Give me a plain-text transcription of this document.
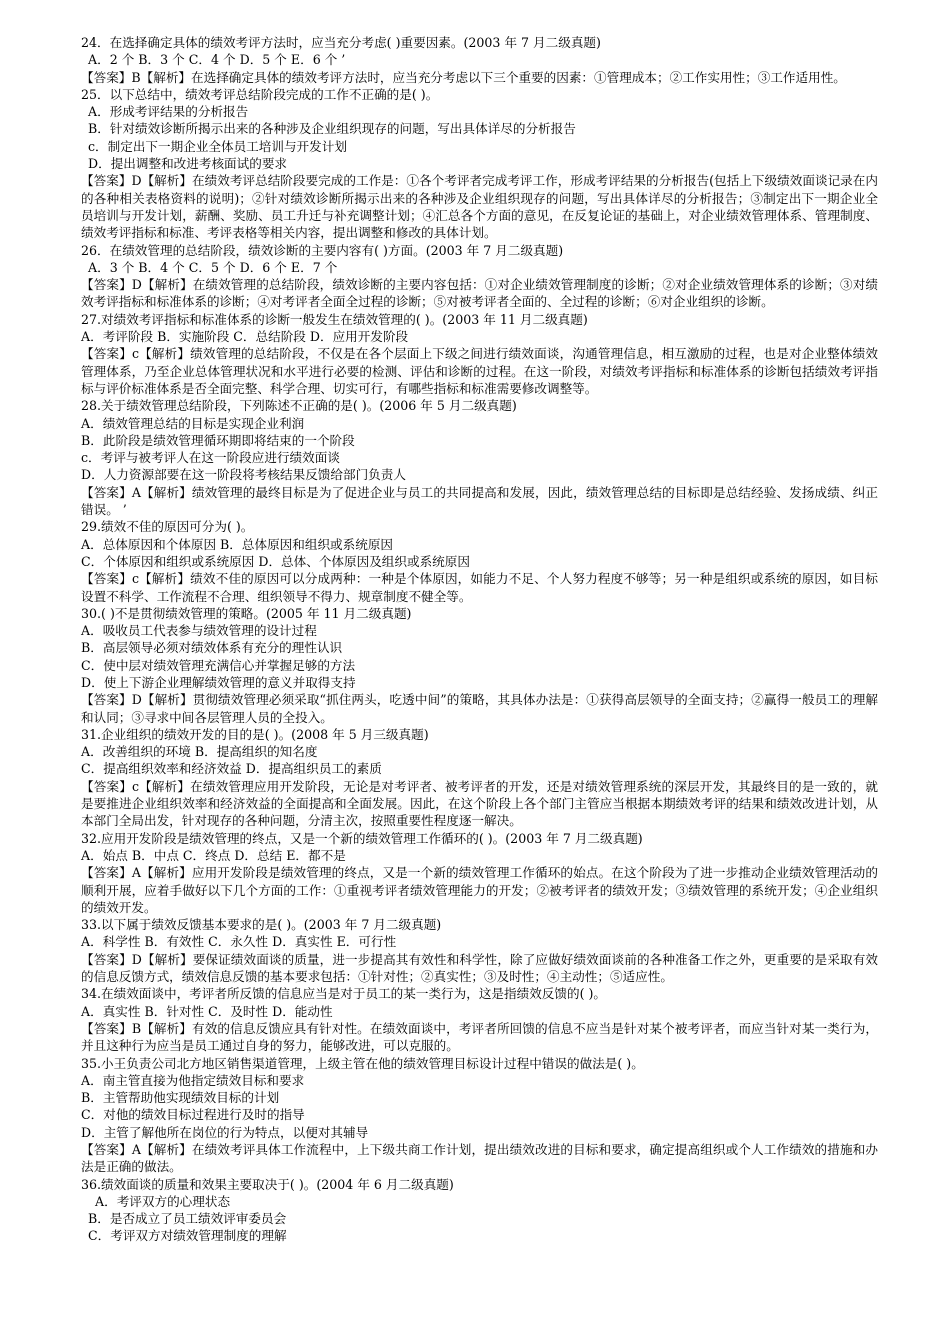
24．在选择确定具体的绩效考评方法时，应当充分考虑( )重要因素。(2003 年 7 月二级真题)
A．2 个 B．3 个 C．4 个 D．5 个 E．6 个 ’
【答案】B【解析】在选择确定具体的绩效考评方法时，应当充分考虑以下三个重要的因素：①管理成本；②工作实用性；③工作适用性。
25．以下总结中，绩效考评总结阶段完成的工作不正确的是( )。
A．形成考评结果的分析报告
B．针对绩效诊断所揭示出来的各种涉及企业组织现存的问题，写出具体详尽的分析报告
c．制定出下一期企业全体员工培训与开发计划
D．提出调整和改进考核面试的要求
【答案】D【解析】在绩效考评总结阶段要完成的工作是：①各个考评者完成考评工作，形成考评结果的分析报告(包括上下级绩效面谈记录在内的各种相关表格资料的说明)；②针对绩效诊断所揭示出来的各种涉及企业组织现存的问题，写出具体详尽的分析报告；③制定出下一期企业全员培训与开发计划，薪酬、奖励、员工升迁与补充调整计划；④汇总各个方面的意见，在反复论证的基础上，对企业绩效管理体系、管理制度、绩效考评指标和标准、考评表格等相关内容，提出调整和修改的具体计划。
26．在绩效管理的总结阶段，绩效诊断的主要内容有( )方面。(2003 年 7 月二级真题)
A．3 个 B．4 个 C．5 个 D．6 个 E．7 个
【答案】D【解析】在绩效管理的总结阶段，绩效诊断的主要内容包括：①对企业绩效管理制度的诊断；②对企业绩效管理体系的诊断；③对绩效考评指标和标准体系的诊断；④对考评者全面全过程的诊断；⑤对被考评者全面的、全过程的诊断；⑥对企业组织的诊断。
27.对绩效考评指标和标准体系的诊断一般发生在绩效管理的( )。(2003 年 11 月二级真题)
A．考评阶段 B．实施阶段 C．总结阶段 D．应用开发阶段
【答案】c【解析】绩效管理的总结阶段，不仅是在各个层面上下级之间进行绩效面谈，沟通管理信息，相互激励的过程，也是对企业整体绩效管理体系，乃至企业总体管理状况和水平进行必要的检测、评估和诊断的过程。在这一阶段，对绩效考评指标和标准体系的诊断包括绩效考评指标与评价标准体系是否全面完整、科学合理、切实可行，有哪些指标和标准需要修改调整等。
28.关于绩效管理总结阶段，下列陈述不正确的是( )。(2006 年 5 月二级真题)
A．绩效管理总结的目标是实现企业利润
B．此阶段是绩效管理循环期即将结束的一个阶段
c．考评与被考评人在这一阶段应进行绩效面谈
D．人力资源部要在这一阶段将考核结果反馈给部门负责人
【答案】A【解析】绩效管理的最终目标是为了促进企业与员工的共同提高和发展，因此，绩效管理总结的目标即是总结经验、发扬成绩、纠正错误。 ’
29.绩效不佳的原因可分为( )。
A．总体原因和个体原因 B．总体原因和组织或系统原因
C．个体原因和组织或系统原因 D．总体、个体原因及组织或系统原因
【答案】c【解析】绩效不佳的原因可以分成两种：一种是个体原因，如能力不足、个人努力程度不够等；另一种是组织或系统的原因，如目标设置不科学、工作流程不合理、组织领导不得力、规章制度不健全等。
30.( )不是贯彻绩效管理的策略。(2005 年 11 月二级真题)
A．吸收员工代表参与绩效管理的设计过程
B．高层领导必须对绩效体系有充分的理性认识
C．使中层对绩效管理充满信心并掌握足够的方法
D．使上下游企业理解绩效管理的意义并取得支持
【答案】D【解析】贯彻绩效管理必须采取“抓住两头，吃透中间”的策略，其具体办法是：①获得高层领导的全面支持；②赢得一般员工的理解和认同；③寻求中间各层管理人员的全投入。
31.企业组织的绩效开发的目的是( )。(2008 年 5 月三级真题)
A．改善组织的环境 B．提高组织的知名度
C．提高组织效率和经济效益 D．提高组织员工的素质
【答案】c【解析】在绩效管理应用开发阶段，无论是对考评者、被考评者的开发，还是对绩效管理系统的深层开发，其最终目的是一致的，就是要推进企业组织效率和经济效益的全面提高和全面发展。因此，在这个阶段上各个部门主管应当根据本期绩效考评的结果和绩效改进计划，从本部门全局出发，针对现存的各种问题，分清主次，按照重要性程度逐一解决。
32.应用开发阶段是绩效管理的终点，又是一个新的绩效管理工作循环的( )。(2003 年 7 月二级真题)
A．始点 B．中点 C．终点 D．总结 E．都不是
【答案】A【解析】应用开发阶段是绩效管理的终点，又是一个新的绩效管理工作循环的始点。在这个阶段为了进一步推动企业绩效管理活动的顺利开展，应着手做好以下几个方面的工作：①重视考评者绩效管理能力的开发；②被考评者的绩效开发；③绩效管理的系统开发；④企业组织的绩效开发。
33.以下属于绩效反馈基本要求的是( )。(2003 年 7 月二级真题)
A．科学性 B．有效性 C．永久性 D．真实性 E．可行性
【答案】D【解析】要保证绩效面谈的质量，进一步提高其有效性和科学性，除了应做好绩效面谈前的各种准备工作之外，更重要的是采取有效的信息反馈方式，绩效信息反馈的基本要求包括：①针对性；②真实性；③及时性；④主动性；⑤适应性。
34.在绩效面谈中，考评者所反馈的信息应当是对于员工的某一类行为，这是指绩效反馈的( )。
A．真实性 B．针对性 C．及时性 D．能动性
【答案】B【解析】有效的信息反馈应具有针对性。在绩效面谈中，考评者所回馈的信息不应当是针对某个被考评者，而应当针对某一类行为，并且这种行为应当是员工通过自身的努力，能够改进，可以克服的。
35.小王负责公司北方地区销售渠道管理，上级主管在他的绩效管理目标设计过程中错误的做法是( )。
A．南主管直接为他指定绩效目标和要求
B．主管帮助他实现绩效目标的计划
C．对他的绩效目标过程进行及时的指导
D．主管了解他所在岗位的行为特点，以便对其辅导
【答案】A【解析】在绩效考评具体工作流程中，上下级共商工作计划，提出绩效改进的目标和要求，确定提高组织或个人工作绩效的措施和办法是正确的做法。
36.绩效面谈的质量和效果主要取决于( )。(2004 年 6 月二级真题)
A．考评双方的心理状态
B．是否成立了员工绩效评审委员会
C．考评双方对绩效管理制度的理解
